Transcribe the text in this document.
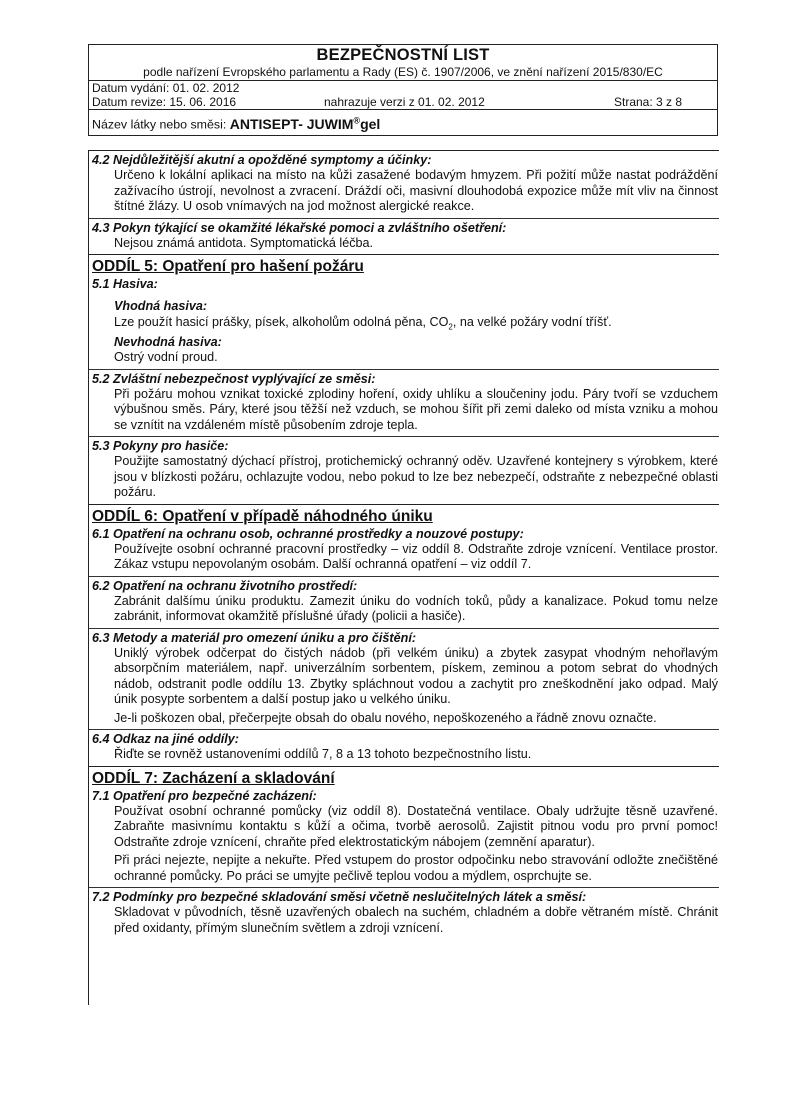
BEZPEČNOSTNÍ LIST
podle nařízení Evropského parlamentu a Rady (ES) č. 1907/2006, ve znění nařízení 2015/830/EC
Datum vydání: 01. 02. 2012
Datum revize: 15. 06. 2016	nahrazuje verzi z 01. 02. 2012	Strana: 3 z 8
Název látky nebo směsi: ANTISEPT- JUWIM®gel
4.2 Nejdůležitější akutní a opožděné symptomy a účinky:
Určeno k lokální aplikaci na místo na kůži zasažené bodavým hmyzem. Při požití může nastat podráždění zažívacího ústrojí, nevolnost a zvracení. Dráždí oči, masivní dlouhodobá expozice může mít vliv na činnost štítné žlázy. U osob vnímavých na jod možnost alergické reakce.
4.3 Pokyn týkající se okamžité lékařské pomoci a zvláštního ošetření:
Nejsou známá antidota. Symptomatická léčba.
ODDÍL 5: Opatření pro hašení požáru
5.1 Hasiva:
Vhodná hasiva:
Lze použít hasicí prášky, písek, alkoholům odolná pěna, $CO_2$, na velké požáry vodní tříšť.
Nevhodná hasiva:
Ostrý vodní proud.
5.2 Zvláštní nebezpečnost vyplývající ze směsi:
Při požáru mohou vznikat toxické zplodiny hoření, oxidy uhlíku a sloučeniny jodu. Páry tvoří se vzduchem výbušnou směs. Páry, které jsou těžší než vzduch, se mohou šířit při zemi daleko od místa vzniku a mohou se vznítit na vzdáleném místě působením zdroje tepla.
5.3 Pokyny pro hasiče:
Použijte samostatný dýchací přístroj, protichemický ochranný oděv. Uzavřené kontejnery s výrobkem, které jsou v blízkosti požáru, ochlazujte vodou, nebo pokud to lze bez nebezpečí, odstraňte z nebezpečné oblasti požáru.
ODDÍL 6: Opatření v případě náhodného úniku
6.1 Opatření na ochranu osob, ochranné prostředky a nouzové postupy:
Používejte osobní ochranné pracovní prostředky – viz oddíl 8. Odstraňte zdroje vznícení. Ventilace prostor. Zákaz vstupu nepovolaným osobám. Další ochranná opatření – viz oddíl 7.
6.2 Opatření na ochranu životního prostředí:
Zabránit dalšímu úniku produktu. Zamezit úniku do vodních toků, půdy a kanalizace. Pokud tomu nelze zabránit, informovat okamžitě příslušné úřady (policii a hasiče).
6.3 Metody a materiál pro omezení úniku a pro čištění:
Uniklý výrobek odčerpat do čistých nádob (při velkém úniku) a zbytek zasypat vhodným nehořlavým absorpčním materiálem, např. univerzálním sorbentem, pískem, zeminou a potom sebrat do vhodných nádob, odstranit podle oddílu 13. Zbytky spláchnout vodou a zachytit pro zneškodnění jako odpad. Malý únik posypte sorbentem a další postup jako u velkého úniku.
Je-li poškozen obal, přečerpejte obsah do obalu nového, nepoškozeného a řádně znovu označte.
6.4 Odkaz na jiné oddíly:
Řiďte se rovněž ustanoveními oddílů 7, 8 a 13 tohoto bezpečnostního listu.
ODDÍL 7: Zacházení a skladování
7.1 Opatření pro bezpečné zacházení:
Používat osobní ochranné pomůcky (viz oddíl 8). Dostatečná ventilace. Obaly udržujte těsně uzavřené. Zabraňte masivnímu kontaktu s kůží a očima, tvorbě aerosolů. Zajistit pitnou vodu pro první pomoc! Odstraňte zdroje vznícení, chraňte před elektrostatickým nábojem (zemnění aparatur).
Při práci nejezte, nepijte a nekuřte. Před vstupem do prostor odpočinku nebo stravování odložte znečištěné ochranné pomůcky. Po práci se umyjte pečlivě teplou vodou a mýdlem, osprchujte se.
7.2 Podmínky pro bezpečné skladování směsi včetně neslučitelných látek a směsí:
Skladovat v původních, těsně uzavřených obalech na suchém, chladném a dobře větraném místě. Chránit před oxidanty, přímým slunečním světlem a zdroji vznícení.
